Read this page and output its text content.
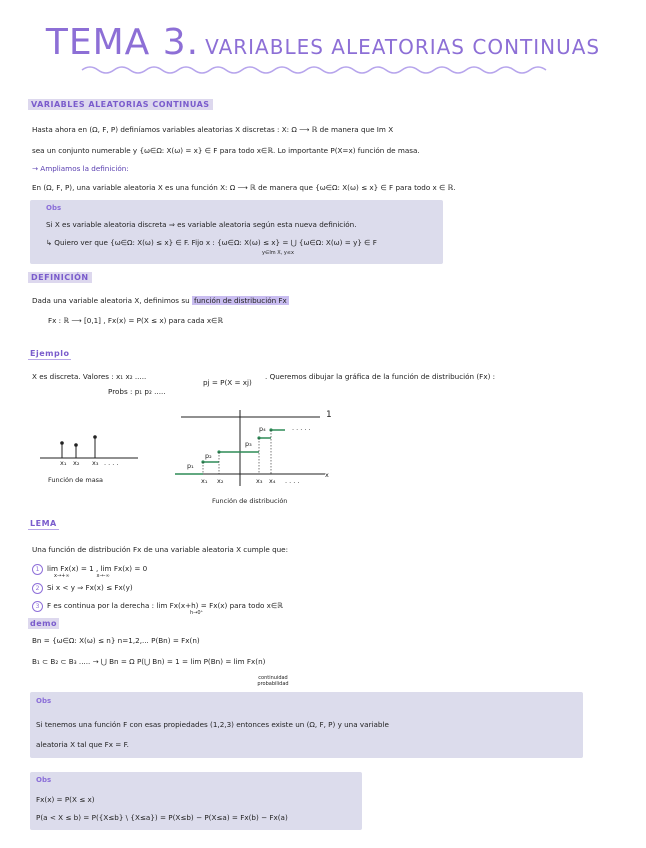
TEMA 3. VARIABLES ALEATORIAS CONTINUAS
VARIABLES ALEATORIAS CONTINUAS
Hasta ahora en (Ω, F, P) definíamos variables aleatorias X discretas : X: Ω ⟶ ℝ de manera que Im X
sea un conjunto numerable y {ω∈Ω: X(ω) = x} ∈ F para todo x∈ℝ. Lo importante P(X=x) función de masa.
→ Ampliamos la definición:
En (Ω, F, P), una variable aleatoria X es una función X: Ω ⟶ ℝ de manera que {ω∈Ω: X(ω) ≤ x} ∈ F para todo x ∈ ℝ.
Obs
Si X es variable aleatoria discreta ⇒ es variable aleatoria según esta nueva definición.
↳ Quiero ver que {ω∈Ω: X(ω) ≤ x} ∈ F. Fijo x : {ω∈Ω: X(ω) ≤ x} = ⋃ {ω∈Ω: X(ω) = y} ∈ F
y∈Im X, y≤x
DEFINICIÓN
Dada una variable aleatoria X, definimos su función de distribución Fx
Fx : ℝ ⟶ [0,1] , Fx(x) = P(X ≤ x) para cada x∈ℝ
Ejemplo
X es discreta. Valores : x₁ x₂ .....
pj = P(X = xj)
. Queremos dibujar la gráfica de la función de distribución (Fx) :
Probs : p₁ p₂ .....
x₁ x₂ x₃ . . . .
Función de masa
1
x
. . . . .
p₁
p₂
p₃
p₄
x₁ x₂	x₃ x₄ . . . .
Función de distribución
LEMA
Una función de distribución Fx de una variable aleatoria X cumple que:
1 lim Fx(x) = 1 , lim Fx(x) = 0
x→+∞                 x→-∞
2 Si x < y ⇒ Fx(x) ≤ Fx(y)
3 F es continua por la derecha : lim Fx(x+h) = Fx(x) para todo x∈ℝ
h→0⁺
demo
Bn = {ω∈Ω: X(ω) ≤ n} n=1,2,... P(Bn) = Fx(n)
B₁ ⊂ B₂ ⊂ B₃ ..... → ⋃ Bn = Ω P(⋃ Bn) = 1 = lim P(Bn) = lim Fx(n)
continuidad probabilidad
Obs
Si tenemos una función F con esas propiedades (1,2,3) entonces existe un (Ω, F, P) y una variable
aleatoria X tal que Fx = F.
Obs
Fx(x) = P(X ≤ x)
P(a < X ≤ b) = P({X≤b} \ {X≤a}) = P(X≤b) − P(X≤a) = Fx(b) − Fx(a)
